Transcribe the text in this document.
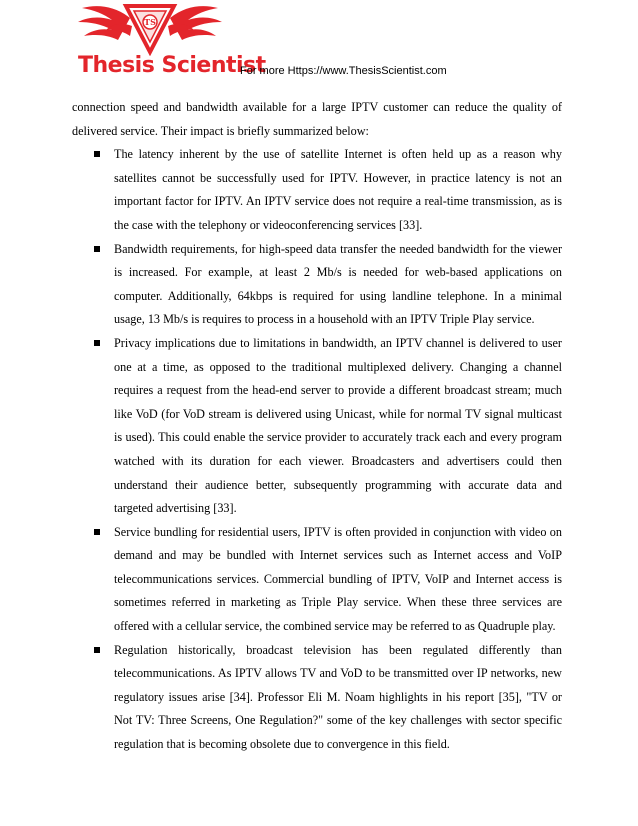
TS
Thesis Scientist
For more Https://www.ThesisScientist.com

connection speed and bandwidth available for a large IPTV customer can reduce the quality of delivered service. Their impact is briefly summarized below:

The latency inherent by the use of satellite Internet is often held up as a reason why satellites cannot be successfully used for IPTV. However, in practice latency is not an important factor for IPTV. An IPTV service does not require a real-time transmission, as is the case with the telephony or videoconferencing services [33].
Bandwidth requirements, for high-speed data transfer the needed bandwidth for the viewer is increased. For example, at least 2 Mb/s is needed for web-based applications on computer. Additionally, 64kbps is required for using landline telephone. In a minimal usage, 13 Mb/s is requires to process in a household with an IPTV Triple Play service.
Privacy implications due to limitations in bandwidth, an IPTV channel is delivered to user one at a time, as opposed to the traditional multiplexed delivery. Changing a channel requires a request from the head-end server to provide a different broadcast stream; much like VoD (for VoD stream is delivered using Unicast, while for normal TV signal multicast is used). This could enable the service provider to accurately track each and every program watched with its duration for each viewer. Broadcasters and advertisers could then understand their audience better, subsequently programming with accurate data and targeted advertising [33].
Service bundling for residential users, IPTV is often provided in conjunction with video on demand and may be bundled with Internet services such as Internet access and VoIP telecommunications services. Commercial bundling of IPTV, VoIP and Internet access is sometimes referred in marketing as Triple Play service. When these three services are offered with a cellular service, the combined service may be referred to as Quadruple play.
Regulation historically, broadcast television has been regulated differently than telecommunications. As IPTV allows TV and VoD to be transmitted over IP networks, new regulatory issues arise [34]. Professor Eli M. Noam highlights in his report [35], "TV or Not TV: Three Screens, One Regulation?" some of the key challenges with sector specific regulation that is becoming obsolete due to convergence in this field.
